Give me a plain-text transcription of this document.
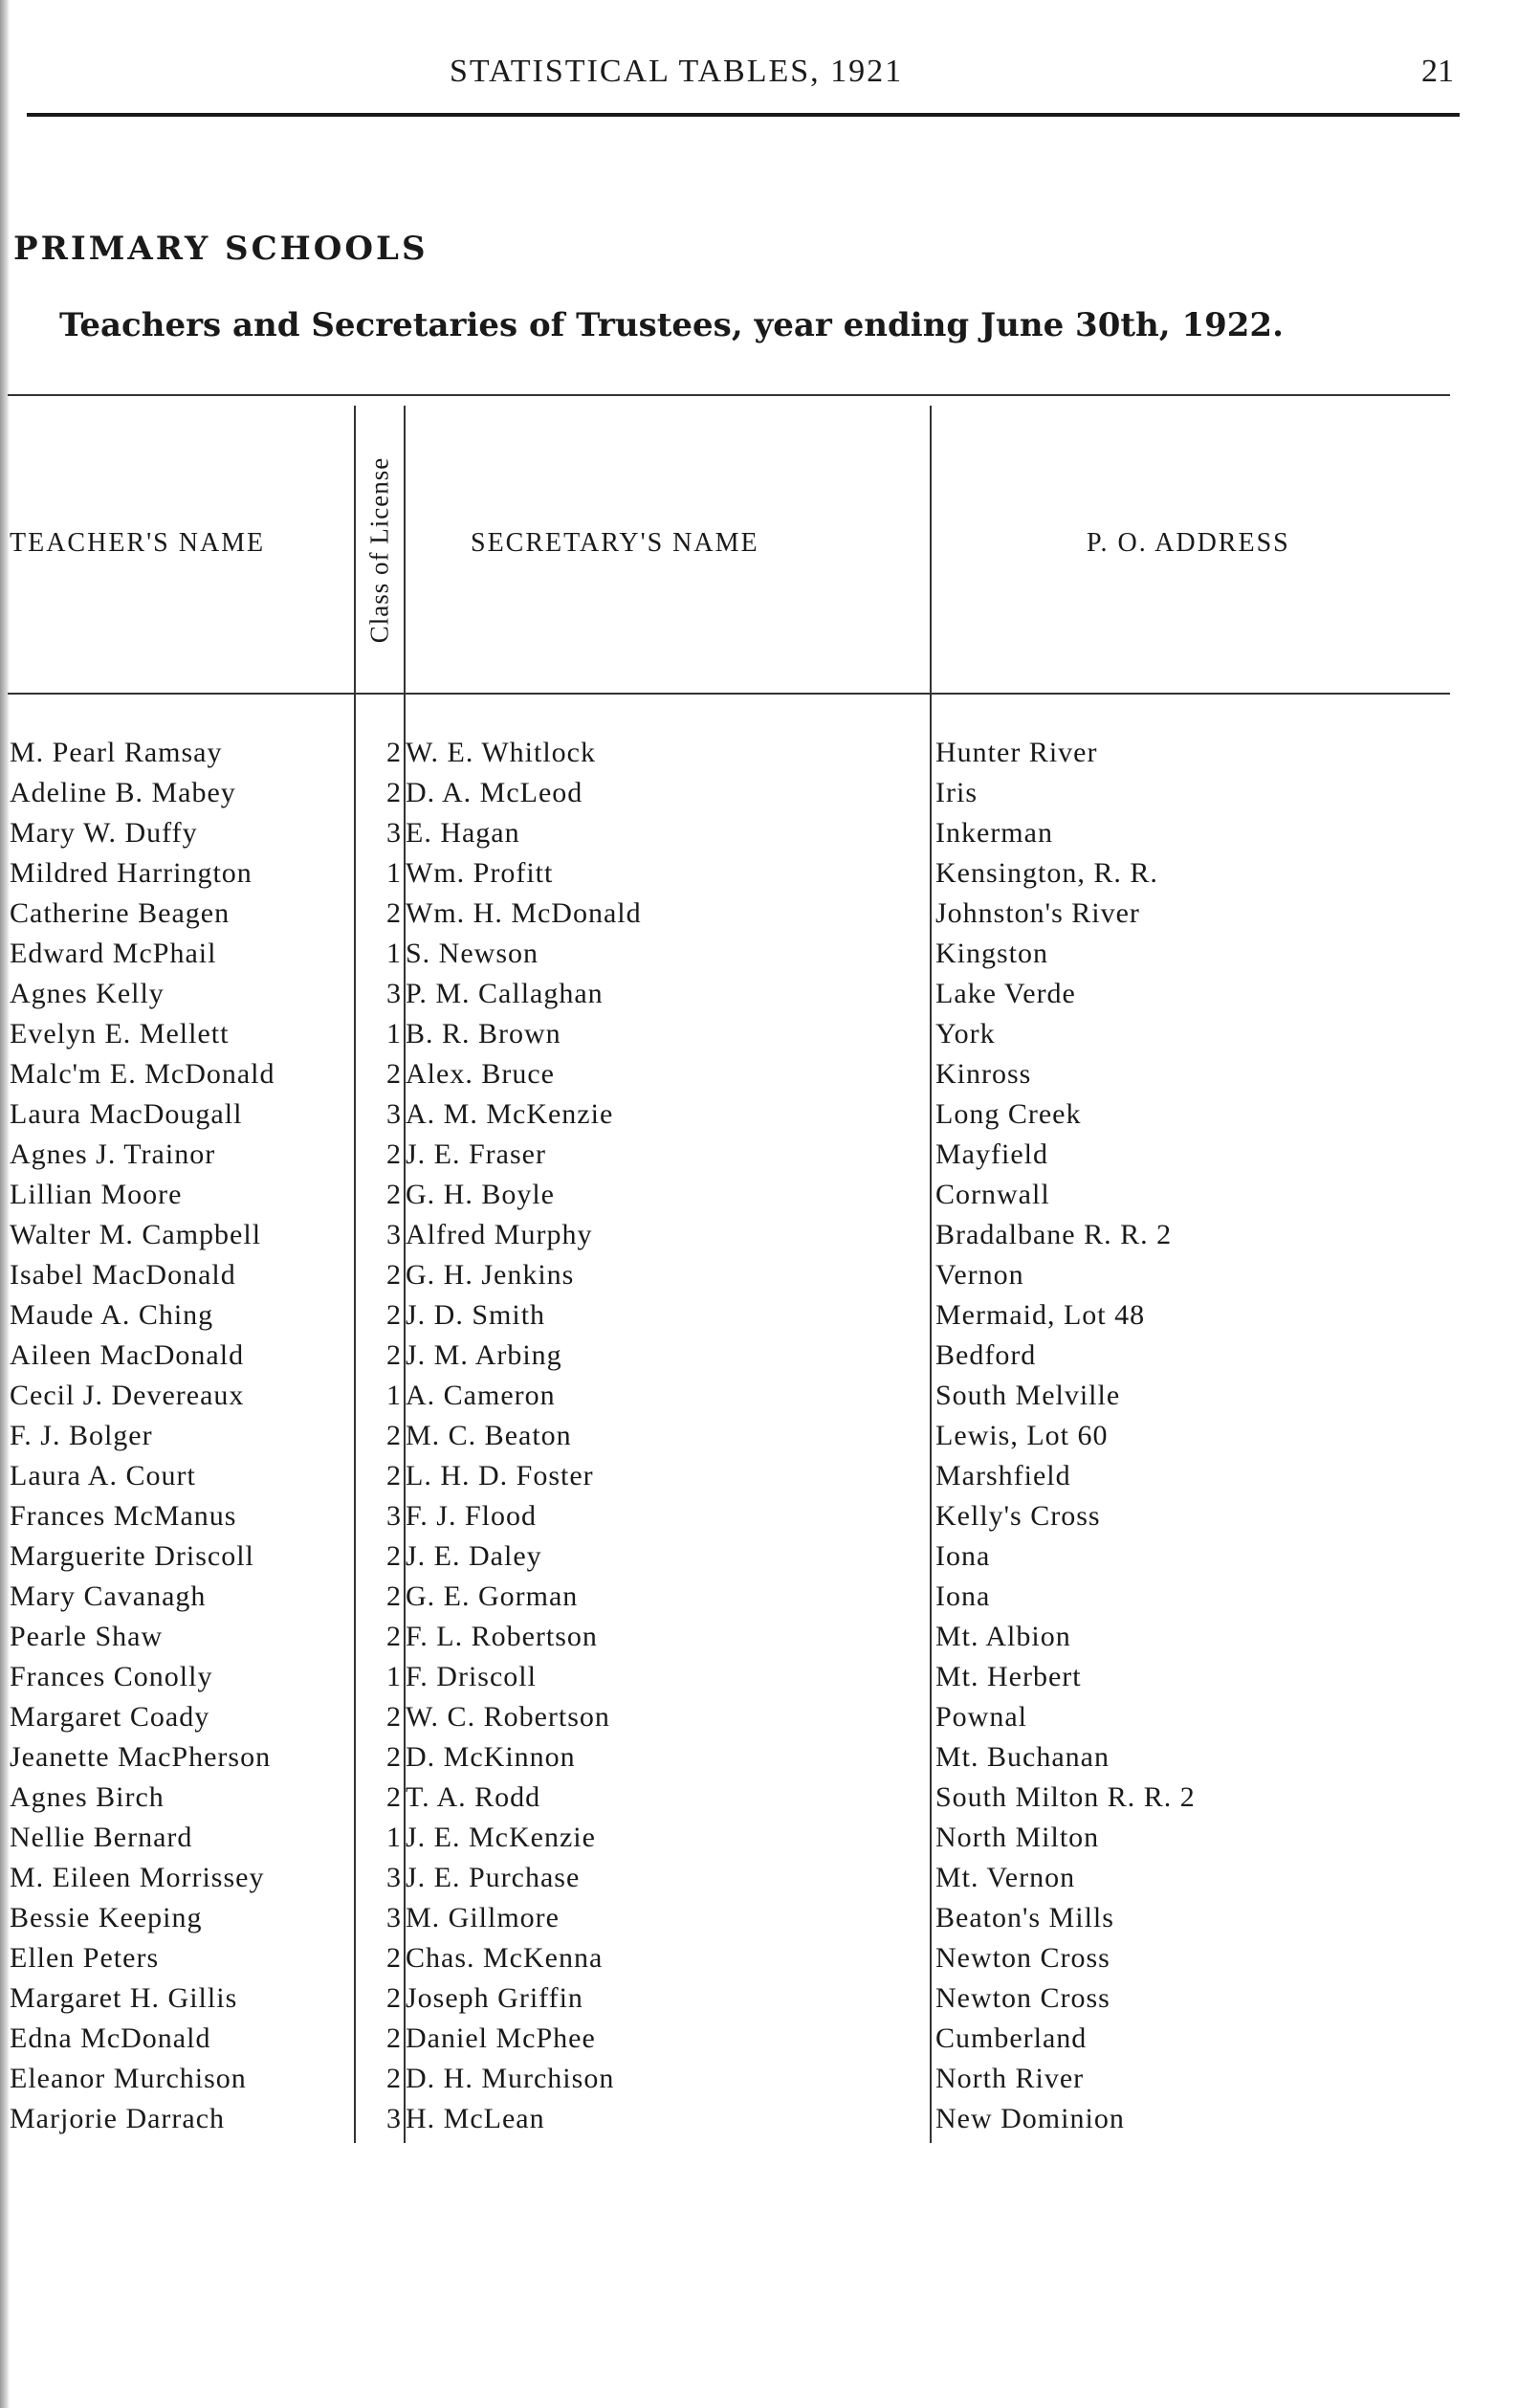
STATISTICAL TABLES, 1921	21
PRIMARY SCHOOLS
Teachers and Secretaries of Trustees, year ending June 30th, 1922.
TEACHER'S NAME	Class of License	SECRETARY'S NAME	P. O. ADDRESS
M. Pearl Ramsay	2 W. E. Whitlock	Hunter River
Adeline B. Mabey	2 D. A. McLeod	Iris
Mary W. Duffy	3 E. Hagan	Inkerman
Mildred Harrington	1 Wm. Profitt	Kensington, R. R.
Catherine Beagen	2 Wm. H. McDonald	Johnston's River
Edward McPhail	1 S. Newson	Kingston
Agnes Kelly	3 P. M. Callaghan	Lake Verde
Evelyn E. Mellett	1 B. R. Brown	York
Malc'm E. McDonald	2 Alex. Bruce	Kinross
Laura MacDougall	3 A. M. McKenzie	Long Creek
Agnes J. Trainor	2 J. E. Fraser	Mayfield
Lillian Moore	2 G. H. Boyle	Cornwall
Walter M. Campbell	3 Alfred Murphy	Bradalbane R. R. 2
Isabel MacDonald	2 G. H. Jenkins	Vernon
Maude A. Ching	2 J. D. Smith	Mermaid, Lot 48
Aileen MacDonald	2 J. M. Arbing	Bedford
Cecil J. Devereaux	1 A. Cameron	South Melville
F. J. Bolger	2 M. C. Beaton	Lewis, Lot 60
Laura A. Court	2 L. H. D. Foster	Marshfield
Frances McManus	3 F. J. Flood	Kelly's Cross
Marguerite Driscoll	2 J. E. Daley	Iona
Mary Cavanagh	2 G. E. Gorman	Iona
Pearle Shaw	2 F. L. Robertson	Mt. Albion
Frances Conolly	1 F. Driscoll	Mt. Herbert
Margaret Coady	2 W. C. Robertson	Pownal
Jeanette MacPherson	2 D. McKinnon	Mt. Buchanan
Agnes Birch	2 T. A. Rodd	South Milton R. R. 2
Nellie Bernard	1 J. E. McKenzie	North Milton
M. Eileen Morrissey	3 J. E. Purchase	Mt. Vernon
Bessie Keeping	3 M. Gillmore	Beaton's Mills
Ellen Peters	2 Chas. McKenna	Newton Cross
Margaret H. Gillis	2 Joseph Griffin	Newton Cross
Edna McDonald	2 Daniel McPhee	Cumberland
Eleanor Murchison	2 D. H. Murchison	North River
Marjorie Darrach	3 H. McLean	New Dominion
